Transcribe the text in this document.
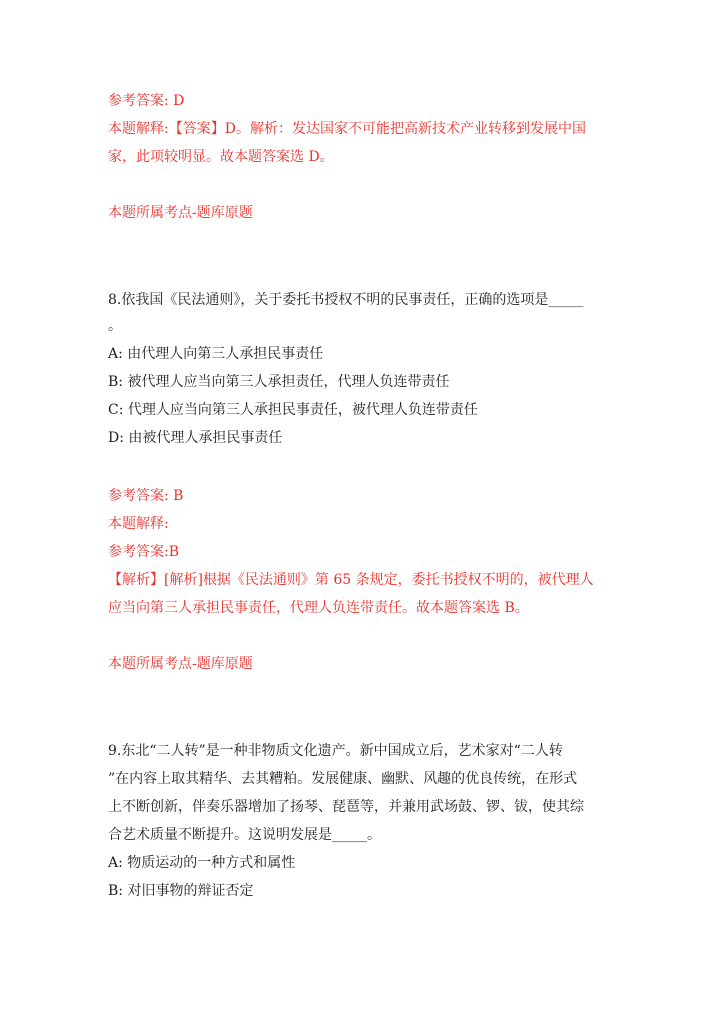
参考答案: D
本题解释:【答案】D。解析：发达国家不可能把高新技术产业转移到发展中国
家，此项较明显。故本题答案选 D。
本题所属考点-题库原题
8.依我国《民法通则》，关于委托书授权不明的民事责任，正确的选项是_____
。
A: 由代理人向第三人承担民事责任
B: 被代理人应当向第三人承担责任，代理人负连带责任
C: 代理人应当向第三人承担民事责任，被代理人负连带责任
D: 由被代理人承担民事责任
参考答案: B
本题解释:
参考答案:B
【解析】[解析]根据《民法通则》第 65 条规定，委托书授权不明的，被代理人
应当向第三人承担民事责任，代理人负连带责任。故本题答案选 B。
本题所属考点-题库原题
9.东北“二人转”是一种非物质文化遗产。新中国成立后，艺术家对“二人转
”在内容上取其精华、去其糟粕。发展健康、幽默、风趣的优良传统，在形式
上不断创新，伴奏乐器增加了扬琴、琵琶等，并兼用武场鼓、锣、钹，使其综
合艺术质量不断提升。这说明发展是_____。
A: 物质运动的一种方式和属性
B: 对旧事物的辩证否定
